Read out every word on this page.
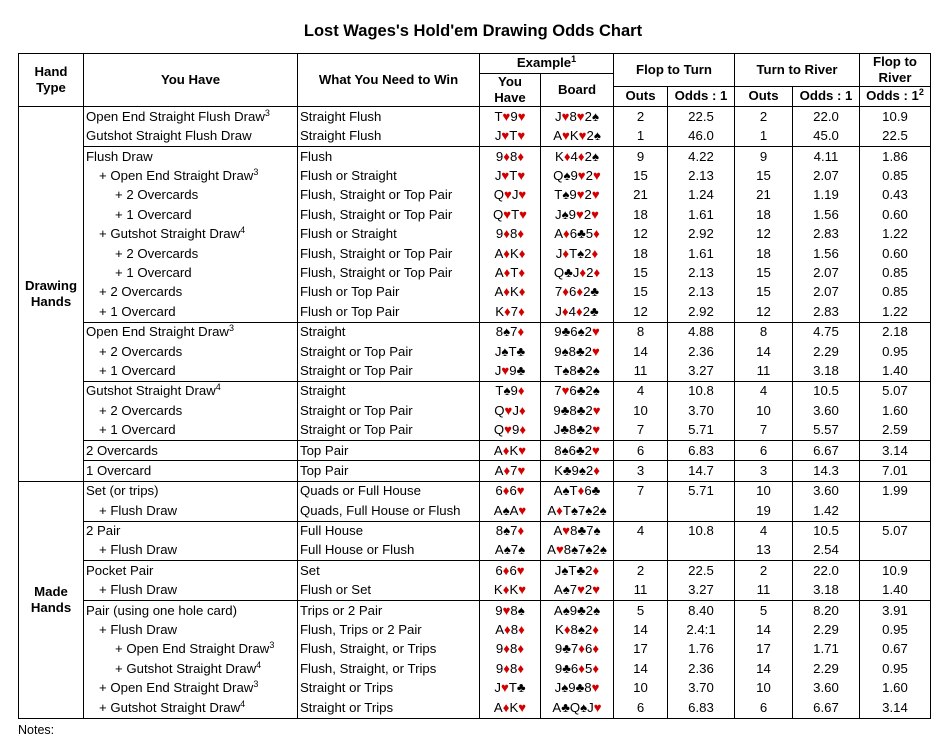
Lost Wages's Hold'em Drawing Odds Chart
Hand Type	You Have	What You Need to Win	Example$^1$		Flop to Turn		Turn to River		Flop to River
			You Have	Board					
					Outs	Odds : 1	Outs	Odds : 1	Odds : $1^2$
Drawing Hands	Open End Straight Flush Draw$^3$	Straight Flush	T♥9♥	J♥8♥2♠	2	22.5	2	22.0	10.9
	Gutshot Straight Flush Draw	Straight Flush	J♥T♥	A♥K♥2♠	1	46.0	1	45.0	22.5
	Flush Draw	Flush	9♦8♦	K♦4♦2♠	9	4.22	9	4.11	1.86
	+ Open End Straight Draw$^3$	Flush or Straight	J♥T♥	Q♠9♥2♥	15	2.13	15	2.07	0.85
	+ 2 Overcards	Flush, Straight or Top Pair	Q♥J♥	T♠9♥2♥	21	1.24	21	1.19	0.43
	+ 1 Overcard	Flush, Straight or Top Pair	Q♥T♥	J♠9♥2♥	18	1.61	18	1.56	0.60
	+ Gutshot Straight Draw$^4$	Flush or Straight	9♦8♦	A♦6♣5♦	12	2.92	12	2.83	1.22
	+ 2 Overcards	Flush, Straight or Top Pair	A♦K♦	J♦T♠2♦	18	1.61	18	1.56	0.60
	+ 1 Overcard	Flush, Straight or Top Pair	A♦T♦	Q♣J♦2♦	15	2.13	15	2.07	0.85
	+ 2 Overcards	Flush or Top Pair	A♦K♦	7♦6♦2♣	15	2.13	15	2.07	0.85
	+ 1 Overcard	Flush or Top Pair	K♦7♦	J♦4♦2♣	12	2.92	12	2.83	1.22
	Open End Straight Draw$^3$	Straight	8♠7♦	9♣6♠2♥	8	4.88	8	4.75	2.18
	+ 2 Overcards	Straight or Top Pair	J♠T♣	9♠8♣2♥	14	2.36	14	2.29	0.95
	+ 1 Overcard	Straight or Top Pair	J♥9♣	T♠8♣2♠	11	3.27	11	3.18	1.40
	Gutshot Straight Draw$^4$	Straight	T♠9♦	7♥6♣2♠	4	10.8	4	10.5	5.07
	+ 2 Overcards	Straight or Top Pair	Q♥J♦	9♣8♣2♥	10	3.70	10	3.60	1.60
	+ 1 Overcard	Straight or Top Pair	Q♥9♦	J♣8♣2♥	7	5.71	7	5.57	2.59
	2 Overcards	Top Pair	A♦K♥	8♠6♣2♥	6	6.83	6	6.67	3.14
	1 Overcard	Top Pair	A♦7♥	K♣9♠2♦	3	14.7	3	14.3	7.01
Made Hands	Set (or trips)	Quads or Full House	6♦6♥	A♠T♦6♣	7	5.71	10	3.60	1.99
	+ Flush Draw	Quads, Full House or Flush	A♠A♥	A♦T♠7♠2♠			19	1.42	
	2 Pair	Full House	8♠7♦	A♥8♣7♠	4	10.8	4	10.5	5.07
	+ Flush Draw	Full House or Flush	A♠7♠	A♥8♠7♠2♠			13	2.54	
	Pocket Pair	Set	6♦6♥	J♠T♣2♦	2	22.5	2	22.0	10.9
	+ Flush Draw	Flush or Set	K♦K♥	A♠7♥2♥	11	3.27	11	3.18	1.40
	Pair (using one hole card)	Trips or 2 Pair	9♥8♠	A♠9♣2♠	5	8.40	5	8.20	3.91
	+ Flush Draw	Flush, Trips or 2 Pair	A♦8♦	K♦8♠2♦	14	2.4:1	14	2.29	0.95
	+ Open End Straight Draw$^3$	Flush, Straight, or Trips	9♦8♦	9♣7♦6♦	17	1.76	17	1.71	0.67
	+ Gutshot Straight Draw$^4$	Flush, Straight, or Trips	9♦8♦	9♣6♦5♦	14	2.36	14	2.29	0.95
	+ Open End Straight Draw$^3$	Straight or Trips	J♥T♣	J♠9♣8♥	10	3.70	10	3.60	1.60
	+ Gutshot Straight Draw$^4$	Straight or Trips	A♦K♥	A♣Q♠J♥	6	6.83	6	6.67	3.14
Notes:
